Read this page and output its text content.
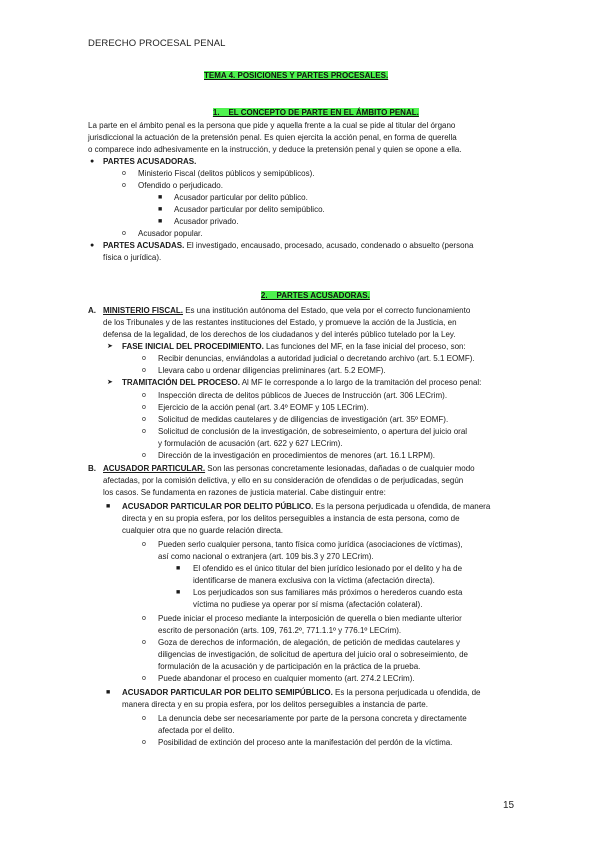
DERECHO PROCESAL PENAL
TEMA 4. POSICIONES Y PARTES PROCESALES.

1.    EL CONCEPTO DE PARTE EN EL ÁMBITO PENAL.

La parte en el ámbito penal es la persona que pide y aquella frente a la cual se pide al titular del órgano
jurisdiccional la actuación de la pretensión penal. Es quien ejercita la acción penal, en forma de querella
o comparece indo adhesivamente en la instrucción, y deduce la pretensión penal y quien se opone a ella.
● PARTES ACUSADORAS.
o Ministerio Fiscal (delitos públicos y semipúblicos).
o Ofendido o perjudicado.
■ Acusador particular por delito público.
■ Acusador particular por delito semipúblico.
■ Acusador privado.
o Acusador popular.
● PARTES ACUSADAS. El investigado, encausado, procesado, acusado, condenado o absuelto (persona
física o jurídica).

2.    PARTES ACUSADORAS.

A. MINISTERIO FISCAL. Es una institución autónoma del Estado, que vela por el correcto funcionamiento
de los Tribunales y de las restantes instituciones del Estado, y promueve la acción de la Justicia, en
defensa de la legalidad, de los derechos de los ciudadanos y del interés público tutelado por la Ley.
➤ FASE INICIAL DEL PROCEDIMIENTO. Las funciones del MF, en la fase inicial del proceso, son:
o Recibir denuncias, enviándolas a autoridad judicial o decretando archivo (art. 5.1 EOMF).
o Llevara cabo u ordenar diligencias preliminares (art. 5.2 EOMF).
➤ TRAMITACIÓN DEL PROCESO. Al MF le corresponde a lo largo de la tramitación del proceso penal:
o Inspección directa de delitos públicos de Jueces de Instrucción (art. 306 LECrim).
o Ejercicio de la acción penal (art. 3.4º EOMF y 105 LECrim).
o Solicitud de medidas cautelares y de diligencias de investigación (art. 35º EOMF).
o Solicitud de conclusión de la investigación, de sobreseimiento, o apertura del juicio oral
y formulación de acusación (art. 622 y 627 LECrim).
o Dirección de la investigación en procedimientos de menores (art. 16.1 LRPM).
B. ACUSADOR PARTICULAR. Son las personas concretamente lesionadas, dañadas o de cualquier modo
afectadas, por la comisión delictiva, y ello en su consideración de ofendidas o de perjudicadas, según
los casos. Se fundamenta en razones de justicia material. Cabe distinguir entre:
■ ACUSADOR PARTICULAR POR DELITO PÚBLICO. Es la persona perjudicada u ofendida, de manera
directa y en su propia esfera, por los delitos perseguibles a instancia de esta persona, como de
cualquier otra que no guarde relación directa.
o Pueden serlo cualquier persona, tanto física como jurídica (asociaciones de víctimas),
así como nacional o extranjera (art. 109 bis.3 y 270 LECrim).
■ El ofendido es el único titular del bien jurídico lesionado por el delito y ha de
identificarse de manera exclusiva con la víctima (afectación directa).
■ Los perjudicados son sus familiares más próximos o herederos cuando esta
víctima no pudiese ya operar por sí misma (afectación colateral).
o Puede iniciar el proceso mediante la interposición de querella o bien mediante ulterior
escrito de personación (arts. 109, 761.2º, 771.1.1º y 776.1º LECrim).
o Goza de derechos de información, de alegación, de petición de medidas cautelares y
diligencias de investigación, de solicitud de apertura del juicio oral o sobreseimiento, de
formulación de la acusación y de participación en la práctica de la prueba.
o Puede abandonar el proceso en cualquier momento (art. 274.2 LECrim).
■ ACUSADOR PARTICULAR POR DELITO SEMIPÚBLICO. Es la persona perjudicada u ofendida, de
manera directa y en su propia esfera, por los delitos perseguibles a instancia de parte.
o La denuncia debe ser necesariamente por parte de la persona concreta y directamente
afectada por el delito.
o Posibilidad de extinción del proceso ante la manifestación del perdón de la víctima.
15
